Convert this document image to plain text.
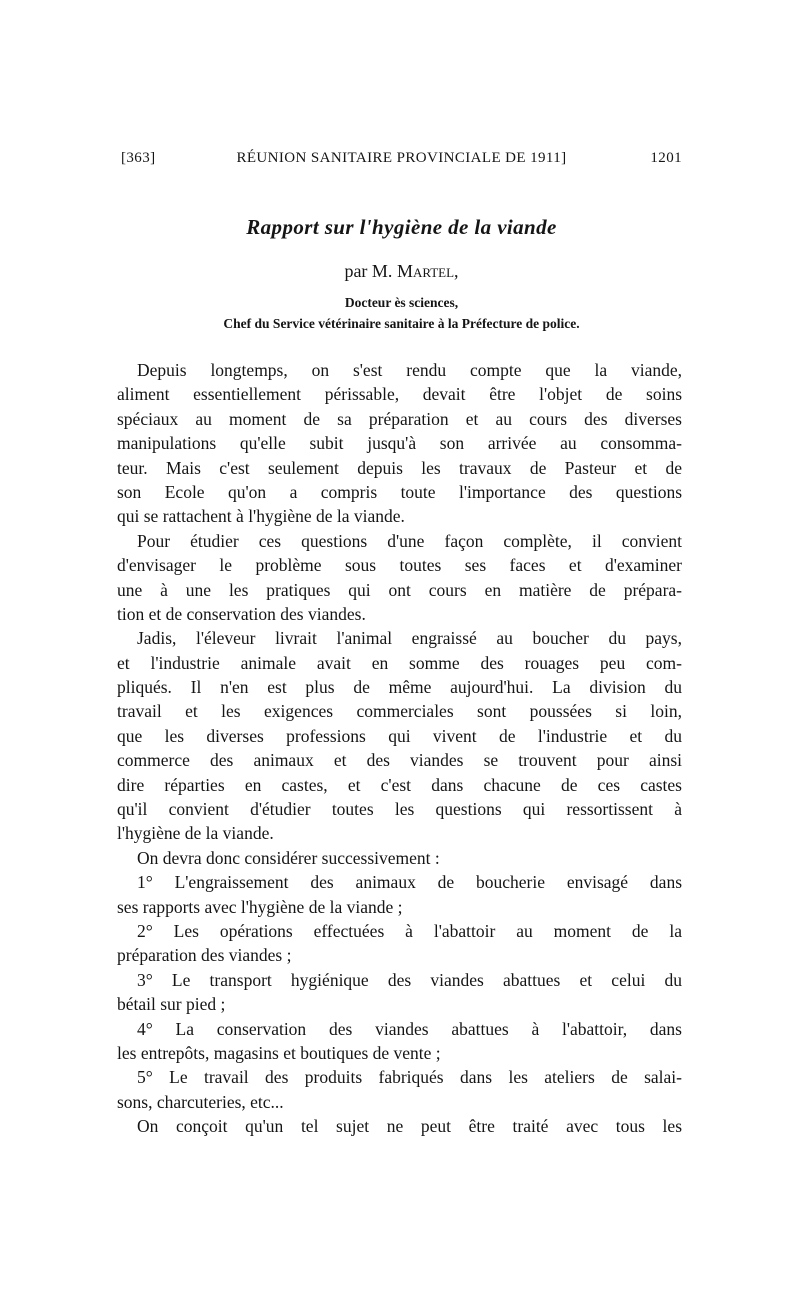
[363]	RÉUNION SANITAIRE PROVINCIALE DE 1911]	1201
Rapport sur l'hygiène de la viande
par M. Martel,
Docteur ès sciences,
Chef du Service vétérinaire sanitaire à la Préfecture de police.
Depuis longtemps, on s'est rendu compte que la viande,
aliment essentiellement périssable, devait être l'objet de soins
spéciaux au moment de sa préparation et au cours des diverses
manipulations qu'elle subit jusqu'à son arrivée au consomma-
teur. Mais c'est seulement depuis les travaux de Pasteur et de
son Ecole qu'on a compris toute l'importance des questions
qui se rattachent à l'hygiène de la viande.
Pour étudier ces questions d'une façon complète, il convient
d'envisager le problème sous toutes ses faces et d'examiner
une à une les pratiques qui ont cours en matière de prépara-
tion et de conservation des viandes.
Jadis, l'éleveur livrait l'animal engraissé au boucher du pays,
et l'industrie animale avait en somme des rouages peu com-
pliqués. Il n'en est plus de même aujourd'hui. La division du
travail et les exigences commerciales sont poussées si loin,
que les diverses professions qui vivent de l'industrie et du
commerce des animaux et des viandes se trouvent pour ainsi
dire réparties en castes, et c'est dans chacune de ces castes
qu'il convient d'étudier toutes les questions qui ressortissent à
l'hygiène de la viande.
On devra donc considérer successivement :
1° L'engraissement des animaux de boucherie envisagé dans
ses rapports avec l'hygiène de la viande ;
2° Les opérations effectuées à l'abattoir au moment de la
préparation des viandes ;
3° Le transport hygiénique des viandes abattues et celui du
bétail sur pied ;
4° La conservation des viandes abattues à l'abattoir, dans
les entrepôts, magasins et boutiques de vente ;
5° Le travail des produits fabriqués dans les ateliers de salai-
sons, charcuteries, etc...
On conçoit qu'un tel sujet ne peut être traité avec tous les
